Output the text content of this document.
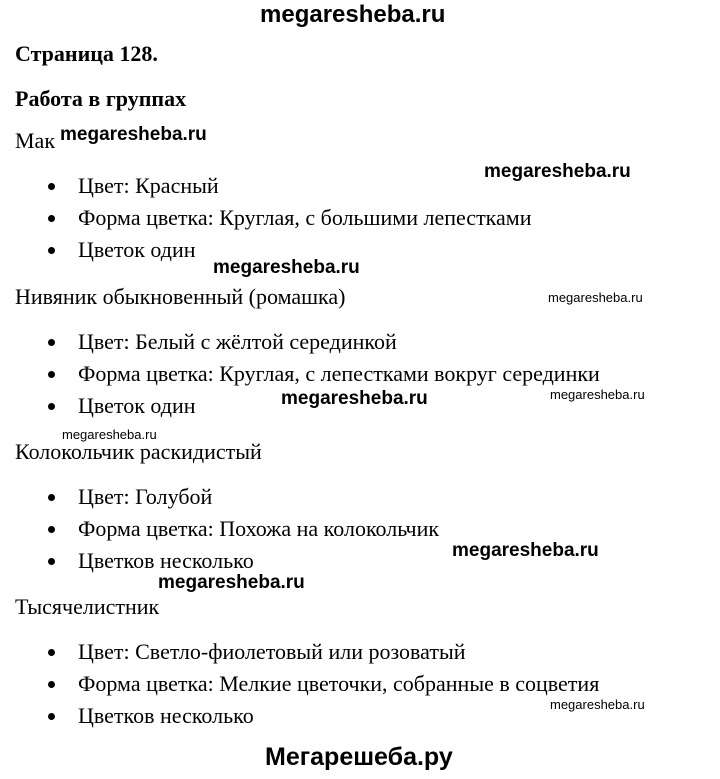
megaresheba.ru
Страница 128.
Работа в группах
Мак
Цвет: Красный
Форма цветка: Круглая, с большими лепестками
Цветок один
Нивяник обыкновенный (ромашка)
Цвет: Белый с жёлтой серединкой
Форма цветка: Круглая, с лепестками вокруг серединки
Цветок один
Колокольчик раскидистый
Цвет: Голубой
Форма цветка: Похожа на колокольчик
Цветков несколько
Тысячелистник
Цвет: Светло-фиолетовый или розоватый
Форма цветка: Мелкие цветочки, собранные в соцветия
Цветков несколько
megaresheba.ru
megaresheba.ru
megaresheba.ru
megaresheba.ru
megaresheba.ru	megaresheba.ru
megaresheba.ru
megaresheba.ru
megaresheba.ru
megaresheba.ru
Мегарешеба.ру
